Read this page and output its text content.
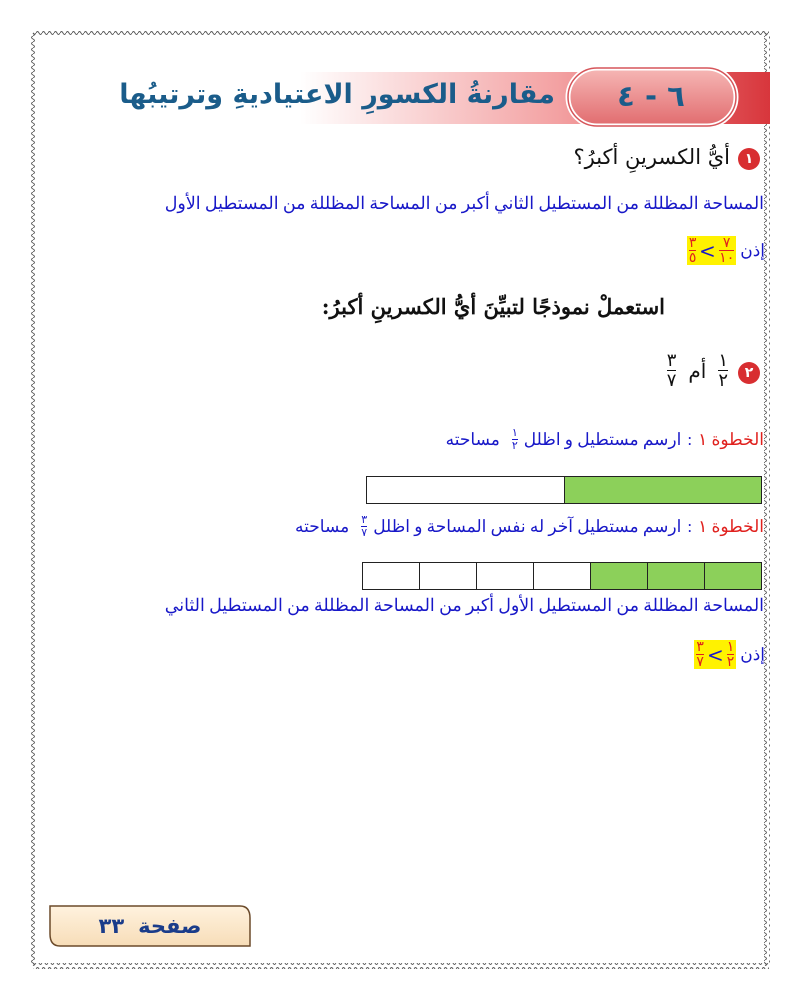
٦ - ٤
مقارنةُ الكسورِ الاعتياديةِ وترتيبُها
١
أيُّ الكسرينِ أكبرُ؟
المساحة المظللة من المستطيل الثاني أكبر من المساحة المظللة من المستطيل الأول
إذن
$\frac{٣}{٥} > \frac{٧}{١٠}$
استعملْ نموذجًا لتبيِّنَ أيُّ الكسرينِ أكبرُ:
٢
$\frac{١}{٢}$
أم
$\frac{٣}{٧}$
الخطوة ١
:
ارسم مستطيل و اظلل
$\frac{١}{٢}$
مساحته
الخطوة ١
:
ارسم مستطيل آخر له نفس المساحة و اظلل
$\frac{٣}{٧}$
مساحته
المساحة المظللة من المستطيل الأول أكبر من المساحة المظللة من المستطيل الثاني
إذن
$\frac{٣}{٧} > \frac{١}{٢}$
صفحة
٣٣
